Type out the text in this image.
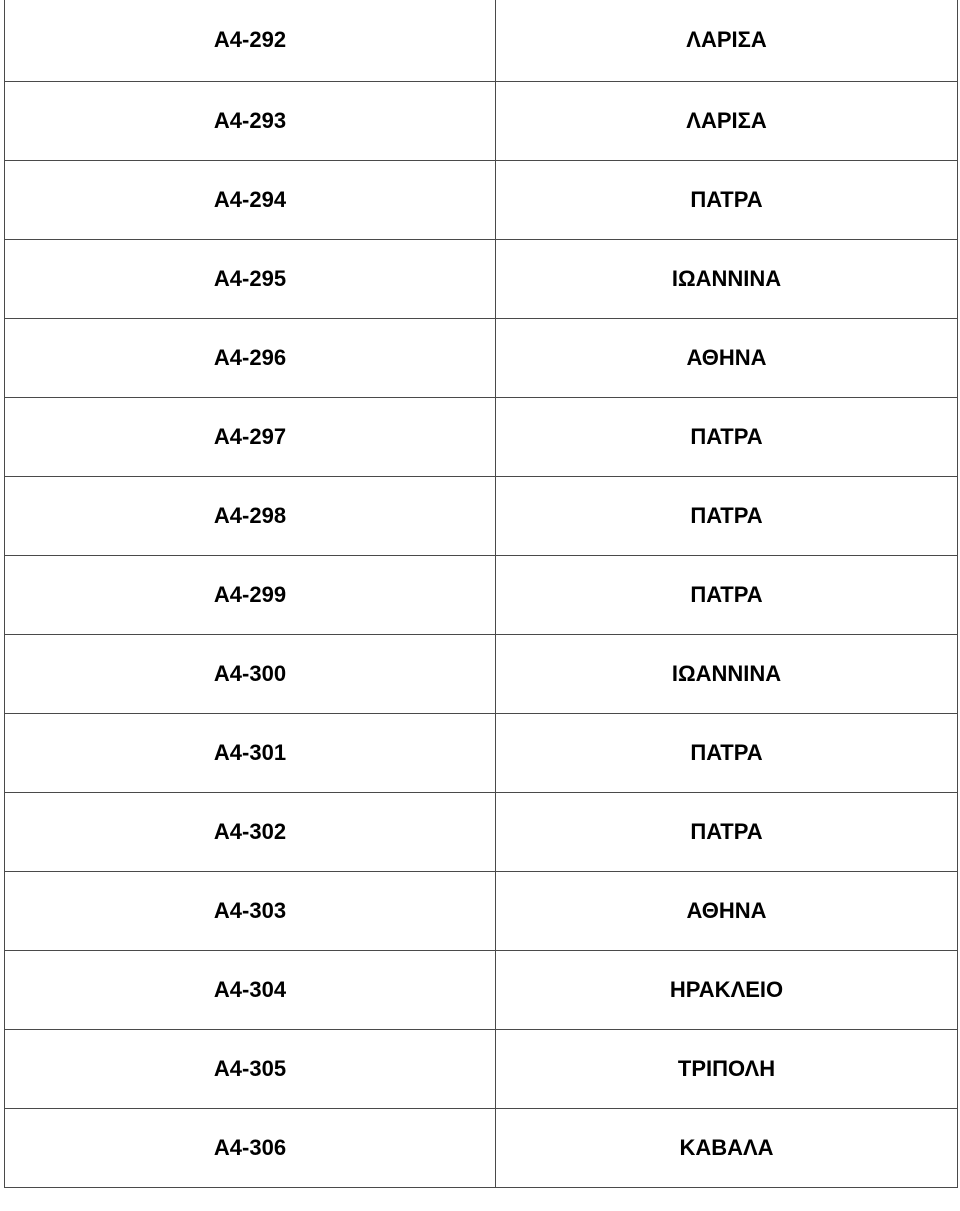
A4-292	ΛΑΡΙΣΑ
A4-293	ΛΑΡΙΣΑ
A4-294	ΠΑΤΡΑ
A4-295	ΙΩΑΝΝΙΝΑ
A4-296	ΑΘΗΝΑ
A4-297	ΠΑΤΡΑ
A4-298	ΠΑΤΡΑ
A4-299	ΠΑΤΡΑ
A4-300	ΙΩΑΝΝΙΝΑ
A4-301	ΠΑΤΡΑ
A4-302	ΠΑΤΡΑ
A4-303	ΑΘΗΝΑ
A4-304	ΗΡΑΚΛΕΙΟ
A4-305	ΤΡΙΠΟΛΗ
A4-306	ΚΑΒΑΛΑ
